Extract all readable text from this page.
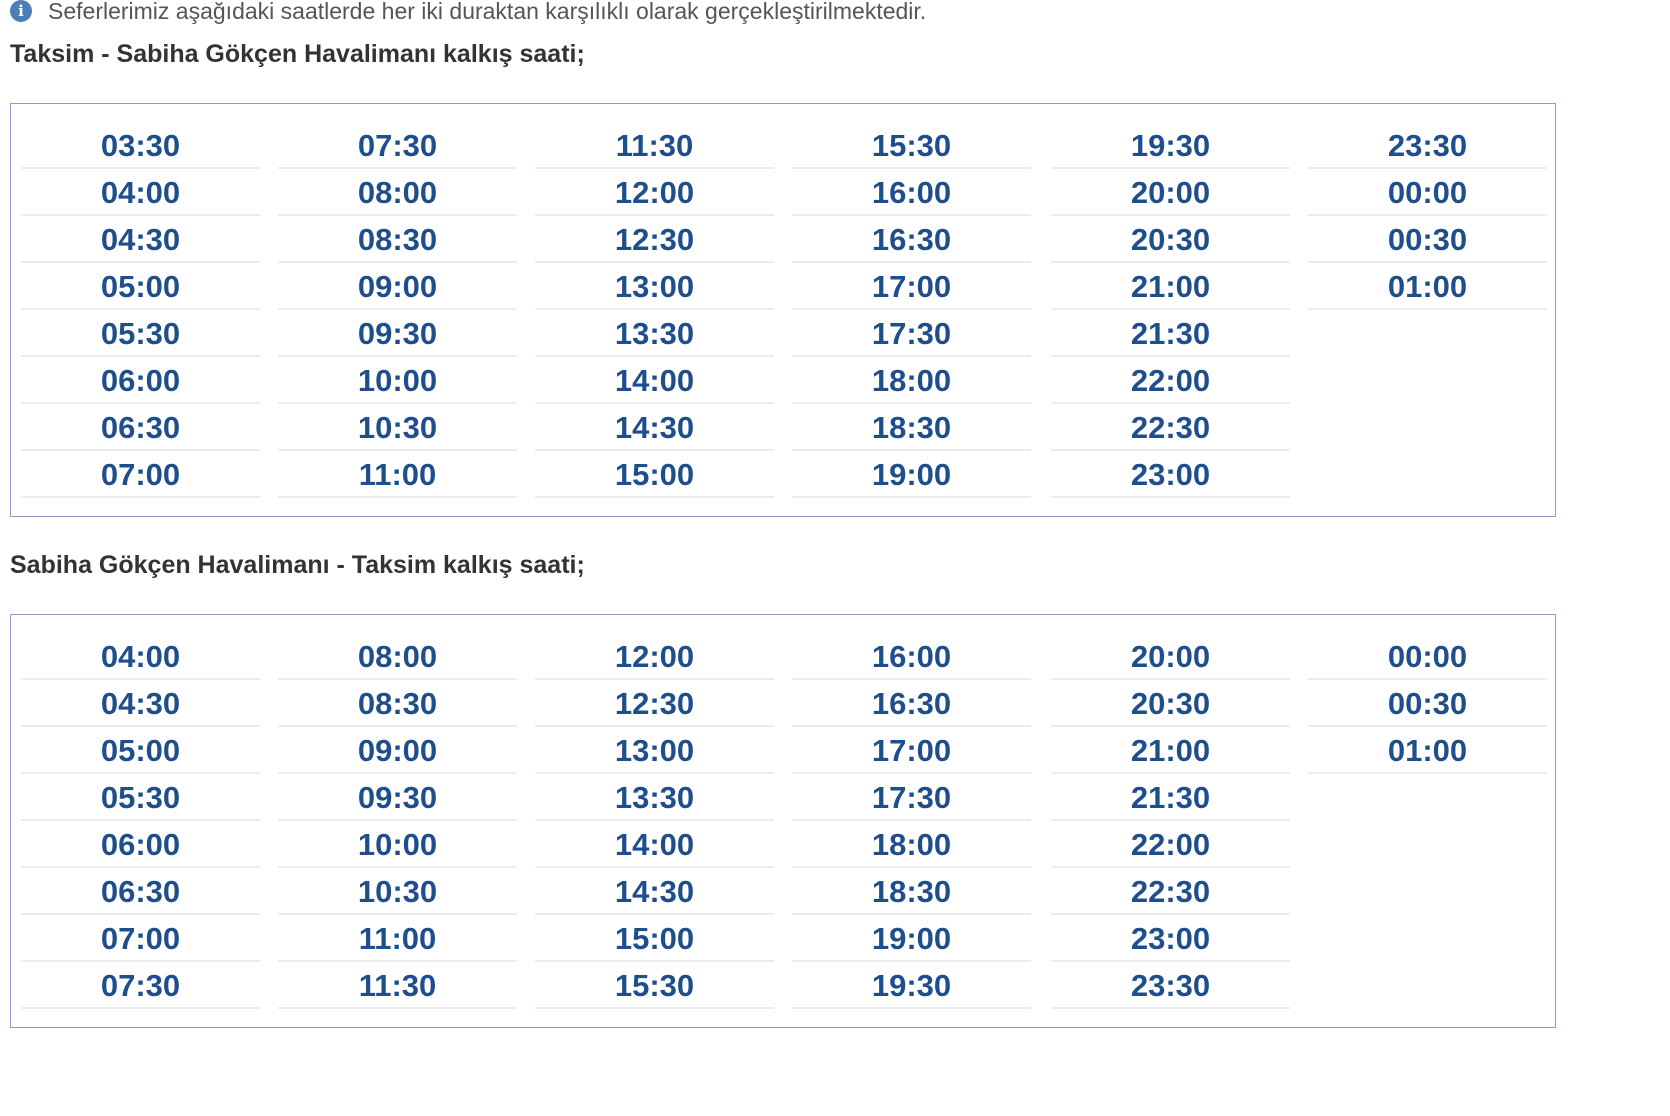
i	Seferlerimiz aşağıdaki saatlerde her iki duraktan karşılıklı olarak gerçekleştirilmektedir.
Taksim - Sabiha Gökçen Havalimanı kalkış saati;
03:30
04:00
04:30
05:00
05:30
06:00
06:30
07:00
07:30
08:00
08:30
09:00
09:30
10:00
10:30
11:00
11:30
12:00
12:30
13:00
13:30
14:00
14:30
15:00
15:30
16:00
16:30
17:00
17:30
18:00
18:30
19:00
19:30
20:00
20:30
21:00
21:30
22:00
22:30
23:00
23:30
00:00
00:30
01:00
Sabiha Gökçen Havalimanı - Taksim kalkış saati;
04:00
04:30
05:00
05:30
06:00
06:30
07:00
07:30
08:00
08:30
09:00
09:30
10:00
10:30
11:00
11:30
12:00
12:30
13:00
13:30
14:00
14:30
15:00
15:30
16:00
16:30
17:00
17:30
18:00
18:30
19:00
19:30
20:00
20:30
21:00
21:30
22:00
22:30
23:00
23:30
00:00
00:30
01:00
